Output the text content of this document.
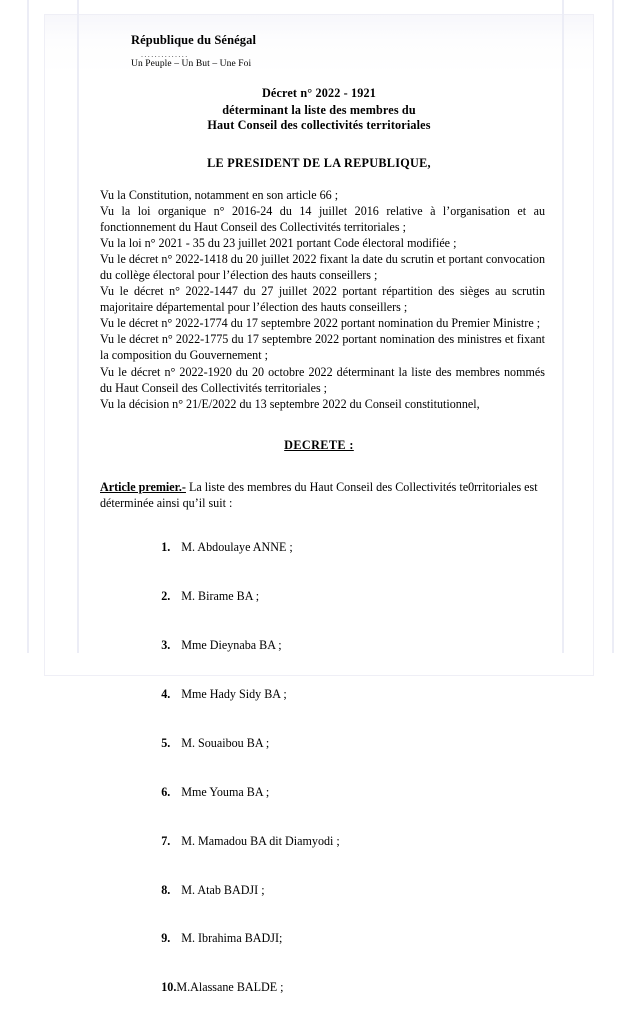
République du Sénégal
..............
Un Peuple – Un But – Une Foi
Décret n° 2022 - 1921
déterminant la liste des membres du
Haut Conseil des collectivités territoriales
LE PRESIDENT DE LA REPUBLIQUE,

Vu la Constitution, notamment en son article 66 ;

Vu la loi organique n° 2016-24 du 14 juillet 2016 relative à l’organisation et au fonctionnement du Haut Conseil des Collectivités territoriales ;

Vu la loi n° 2021 - 35 du 23 juillet 2021 portant Code électoral modifiée ;

Vu le décret n° 2022-1418 du 20 juillet 2022 fixant la date du scrutin et portant convocation du collège électoral pour l’élection des hauts conseillers ;

Vu le décret n° 2022-1447 du 27 juillet 2022 portant répartition des sièges au scrutin majoritaire départemental pour l’élection des hauts conseillers ;

Vu le décret n° 2022-1774 du 17 septembre 2022 portant nomination du Premier Ministre ;

Vu le décret n° 2022-1775 du 17 septembre 2022 portant nomination des ministres et fixant la composition du Gouvernement ;

Vu le décret n° 2022-1920 du 20 octobre 2022 déterminant la liste des membres nommés du Haut Conseil des Collectivités territoriales ;

Vu la décision n° 21/E/2022 du 13 septembre 2022 du Conseil constitutionnel,

DECRETE :
Article premier.- La liste des membres du Haut Conseil des Collectivités te0rritoriales est déterminée ainsi qu’il suit :

1. M. Abdoulaye ANNE ;

2. M. Birame BA ;

3. Mme Dieynaba BA ;

4. Mme Hady Sidy BA ;

5. M. Souaibou BA ;

6. Mme Youma BA ;

7. M. Mamadou BA dit Diamyodi ;

8. M. Atab BADJI ;

9. M. Ibrahima BADJI;

10.M.Alassane BALDE ;
